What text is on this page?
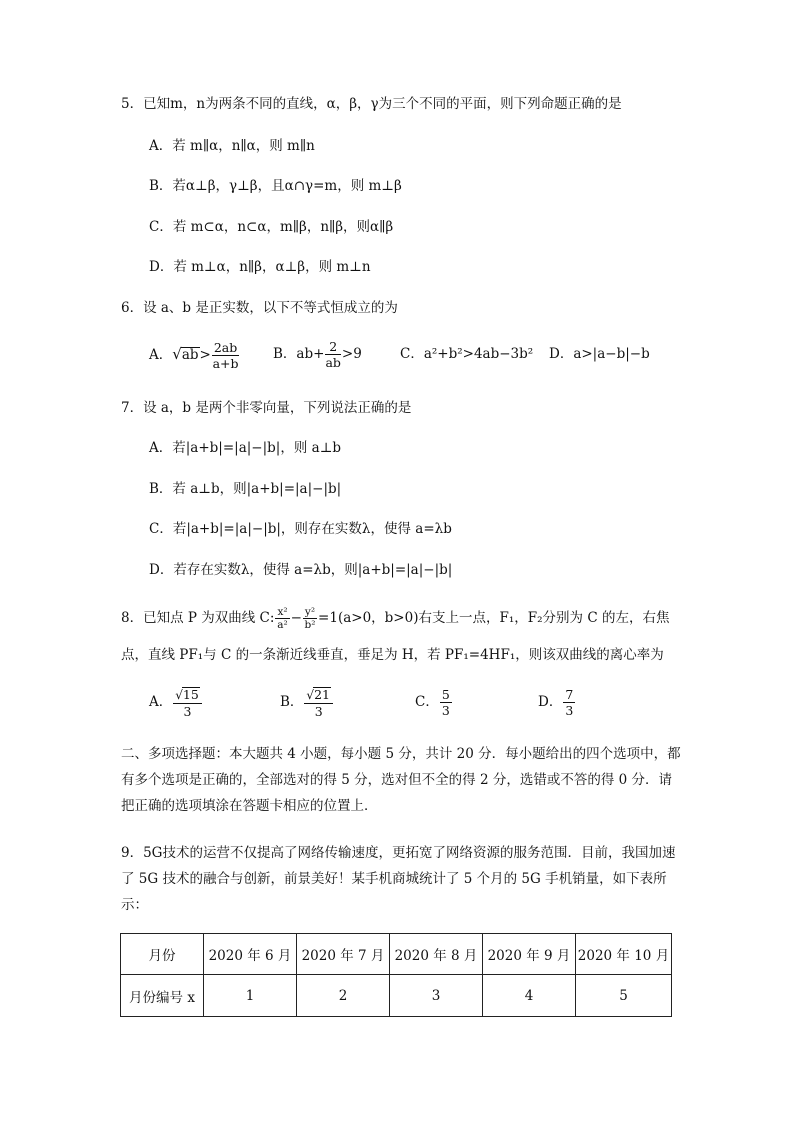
5．已知m，n为两条不同的直线，α，β，γ为三个不同的平面，则下列命题正确的是
A．若 m∥α，n∥α，则 m∥n
B．若α⊥β，γ⊥β，且α∩γ=m，则 m⊥β
C．若 m⊂α，n⊂α，m∥β，n∥β，则α∥β
D．若 m⊥α，n∥β，α⊥β，则 m⊥n
6．设 a、b 是正实数，以下不等式恒成立的为
A．$√ab> \frac{2ab}{a+b}$	B．$ab+ \frac{2}{ab} >9$	C．a²+b²>4ab−3b² D．a>|a−b|−b
7．设 a，b 是两个非零向量，下列说法正确的是
A．若|a+b|=|a|−|b|，则 a⊥b
B．若 a⊥b，则|a+b|=|a|−|b|
C．若|a+b|=|a|−|b|，则存在实数λ，使得 a=λb
D．若存在实数λ，使得 a=λb，则|a+b|=|a|−|b|
8．已知点 P 为双曲线 C: $\frac{\text{x²}}{\text{a²}} - \frac{\text{y²}}{\text{b²}} =1(a>0$，b>0)右支上一点，F₁，F₂分别为 C 的左，右焦
点，直线 PF₁与 C 的一条渐近线垂直，垂足为 H，若 PF₁=4HF₁，则该双曲线的离心率为
A． $\frac{√15}{3}$	B． $\frac{√21}{3}$	C． $\frac{5}{3}$	D． $\frac{7}{3}$
二、多项选择题：本大题共 4 小题，每小题 5 分，共计 20 分．每小题给出的四个选项中，都有多个选项是正确的，全部选对的得 5 分，选对但不全的得 2 分，选错或不答的得 0 分．请把正确的选项填涂在答题卡相应的位置上．
9．5G技术的运营不仅提高了网络传输速度，更拓宽了网络资源的服务范围．目前，我国加速了 5G 技术的融合与创新，前景美好！某手机商城统计了 5 个月的 5G 手机销量，如下表所示：
月份	2020 年 6 月	2020 年 7 月	2020 年 8 月	2020 年 9 月	2020 年 10 月
月份编号 x	1	2	3	4	5
